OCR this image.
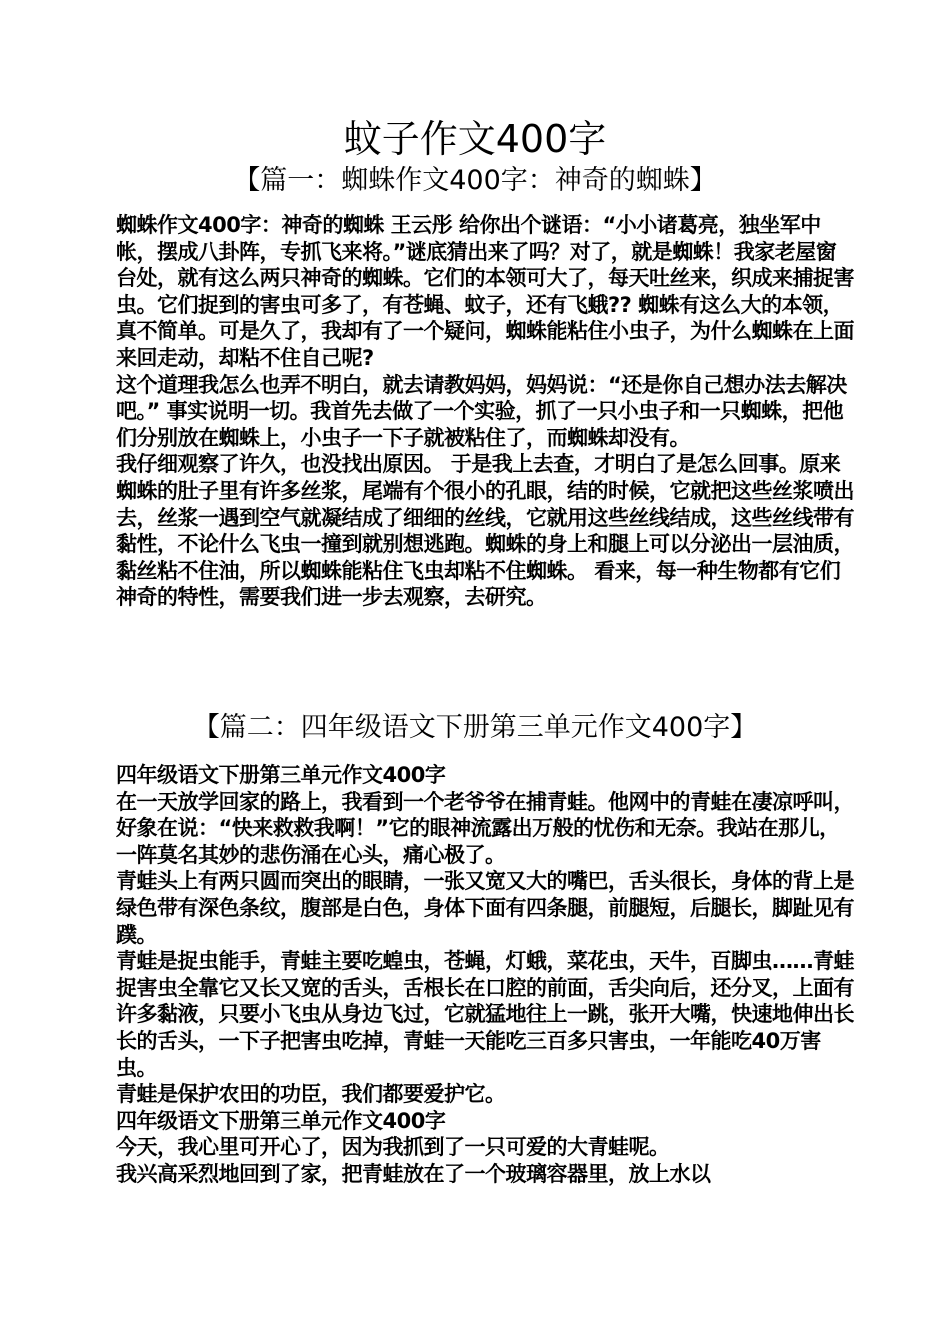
蚊子作文400字
【篇一：蜘蛛作文400字：神奇的蜘蛛】

蜘蛛作文400字：神奇的蜘蛛 王云彤 给你出个谜语：“小小诸葛亮，独坐军中帐，摆成八卦阵，专抓飞来将。”谜底猜出来了吗？对了，就是蜘蛛！我家老屋窗台处，就有这么两只神奇的蜘蛛。它们的本领可大了，每天吐丝来，织成来捕捉害虫。它们捉到的害虫可多了，有苍蝇、蚊子，还有飞蛾?? 蜘蛛有这么大的本领，真不简单。可是久了，我却有了一个疑问，蜘蛛能粘住小虫子，为什么蜘蛛在上面来回走动，却粘不住自己呢?

这个道理我怎么也弄不明白，就去请教妈妈，妈妈说：“还是你自己想办法去解决吧。” 事实说明一切。我首先去做了一个实验，抓了一只小虫子和一只蜘蛛，把他们分别放在蜘蛛上，小虫子一下子就被粘住了，而蜘蛛却没有。

我仔细观察了许久，也没找出原因。 于是我上去查，才明白了是怎么回事。原来蜘蛛的肚子里有许多丝浆，尾端有个很小的孔眼，结的时候，它就把这些丝浆喷出去，丝浆一遇到空气就凝结成了细细的丝线，它就用这些丝线结成，这些丝线带有黏性，不论什么飞虫一撞到就别想逃跑。蜘蛛的身上和腿上可以分泌出一层油质，黏丝粘不住油，所以蜘蛛能粘住飞虫却粘不住蜘蛛。 看来，每一种生物都有它们神奇的特性，需要我们进一步去观察，去研究。

【篇二：四年级语文下册第三单元作文400字】

四年级语文下册第三单元作文400字

在一天放学回家的路上，我看到一个老爷爷在捕青蛙。他网中的青蛙在凄凉呼叫，好象在说：“快来救救我啊！”它的眼神流露出万般的忧伤和无奈。我站在那儿，一阵莫名其妙的悲伤涌在心头，痛心极了。

青蛙头上有两只圆而突出的眼睛，一张又宽又大的嘴巴，舌头很长，身体的背上是绿色带有深色条纹，腹部是白色，身体下面有四条腿，前腿短，后腿长，脚趾见有蹼。

青蛙是捉虫能手，青蛙主要吃蝗虫，苍蝇，灯蛾，菜花虫，天牛，百脚虫……青蛙捉害虫全靠它又长又宽的舌头，舌根长在口腔的前面，舌尖向后，还分叉，上面有许多黏液，只要小飞虫从身边飞过，它就猛地往上一跳，张开大嘴，快速地伸出长长的舌头，一下子把害虫吃掉，青蛙一天能吃三百多只害虫，一年能吃40万害虫。

青蛙是保护农田的功臣，我们都要爱护它。

四年级语文下册第三单元作文400字

今天，我心里可开心了，因为我抓到了一只可爱的大青蛙呢。

我兴高采烈地回到了家，把青蛙放在了一个玻璃容器里，放上水以
